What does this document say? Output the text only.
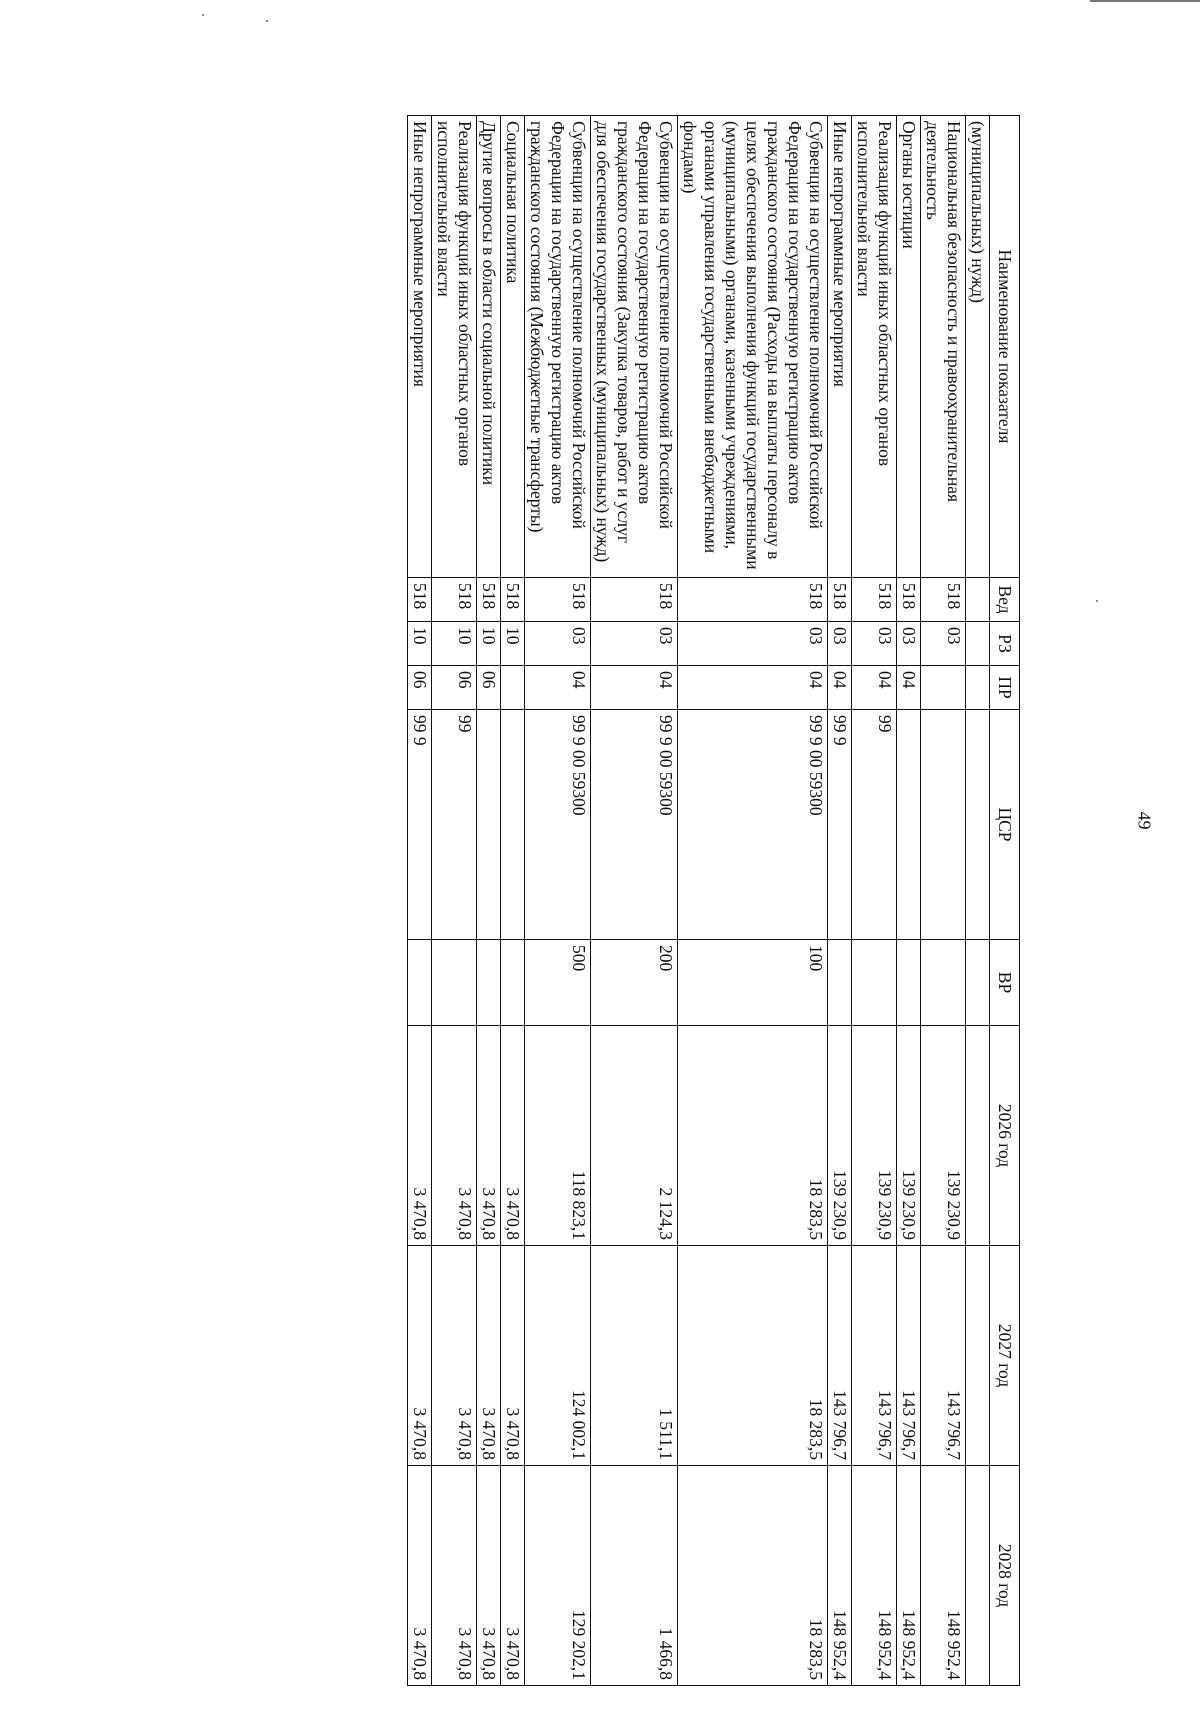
49
Наименование показателя	Вед	РЗ	ПР	ЦСР	ВР	2026 год	2027 год	2028 год
(муниципальных) нужд)								
Национальная безопасность и правоохранительная деятельность	518	03				139 230,9	143 796,7	148 952,4
Органы юстиции	518	03	04			139 230,9	143 796,7	148 952,4
Реализация функций иных областных органов исполнительной власти	518	03	04	99		139 230,9	143 796,7	148 952,4
Иные непрограммные мероприятия	518	03	04	99 9		139 230,9	143 796,7	148 952,4
Субвенции на осуществление полномочий Российской Федерации на государственную регистрацию актов гражданского состояния (Расходы на выплаты персоналу в целях обеспечения выполнения функций государственными (муниципальными) органами, казенными учреждениями, органами управления государственными внебюджетными фондами)	518	03	04	99 9 00 59300	100	18 283,5	18 283,5	18 283,5
Субвенции на осуществление полномочий Российской Федерации на государственную регистрацию актов гражданского состояния (Закупка товаров, работ и услуг для обеспечения государственных (муниципальных) нужд)	518	03	04	99 9 00 59300	200	2 124,3	1 511,1	1 466,8
Субвенции на осуществление полномочий Российской Федерации на государственную регистрацию актов гражданского состояния (Межбюджетные трансферты)	518	03	04	99 9 00 59300	500	118 823,1	124 002,1	129 202,1
Социальная политика	518	10				3 470,8	3 470,8	3 470,8
Другие вопросы в области социальной политики	518	10	06			3 470,8	3 470,8	3 470,8
Реализация функций иных областных органов исполнительной власти	518	10	06	99		3 470,8	3 470,8	3 470,8
Иные непрограммные мероприятия	518	10	06	99 9		3 470,8	3 470,8	3 470,8
